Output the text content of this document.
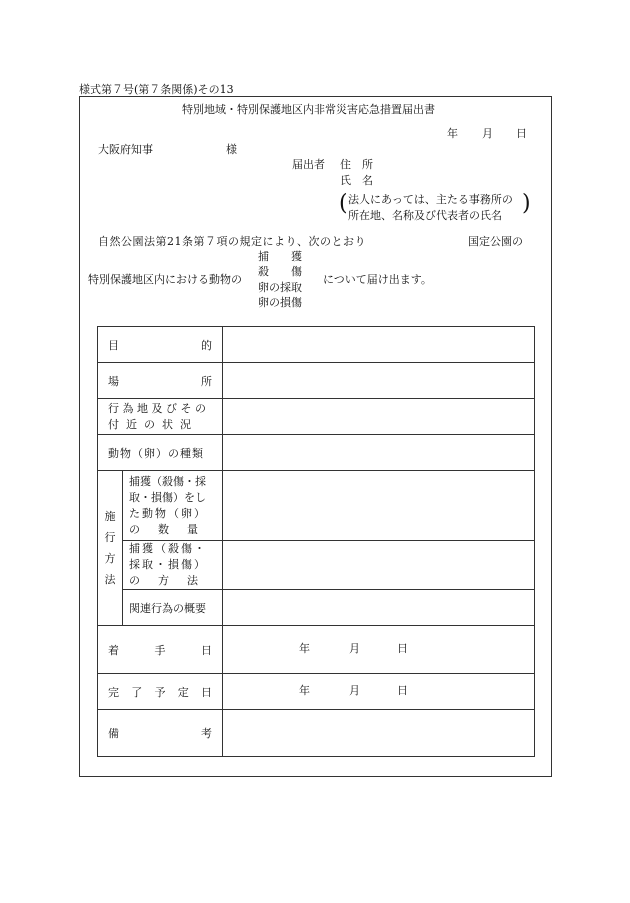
様式第７号(第７条関係)その13
特別地域・特別保護地区内非常災害応急措置届出書
年 月 日
大阪府知事	様
届出者 住　所
氏　名
( 法人にあっては、主たる事務所の
所在地、名称及び代表者の氏名 )
自然公園法第21条第７項の規定により、次のとおり	国定公園の
特別保護地区内における動物の
捕　　獲
殺　　傷
卵の採取
卵の損傷
について届け出ます。
目 的		

場 所		

行為地及びその
付近の状況		

動物（卵）の種類		

施行方法	捕獲（殺傷・採
取・損傷）をし
た動物（卵）
の数量	

	捕獲（殺傷・
採取・損傷）
の方法	

	関連行為の概要	

着 手 日		年 月 日

完 了 予 定 日		年 月 日

備 考		
